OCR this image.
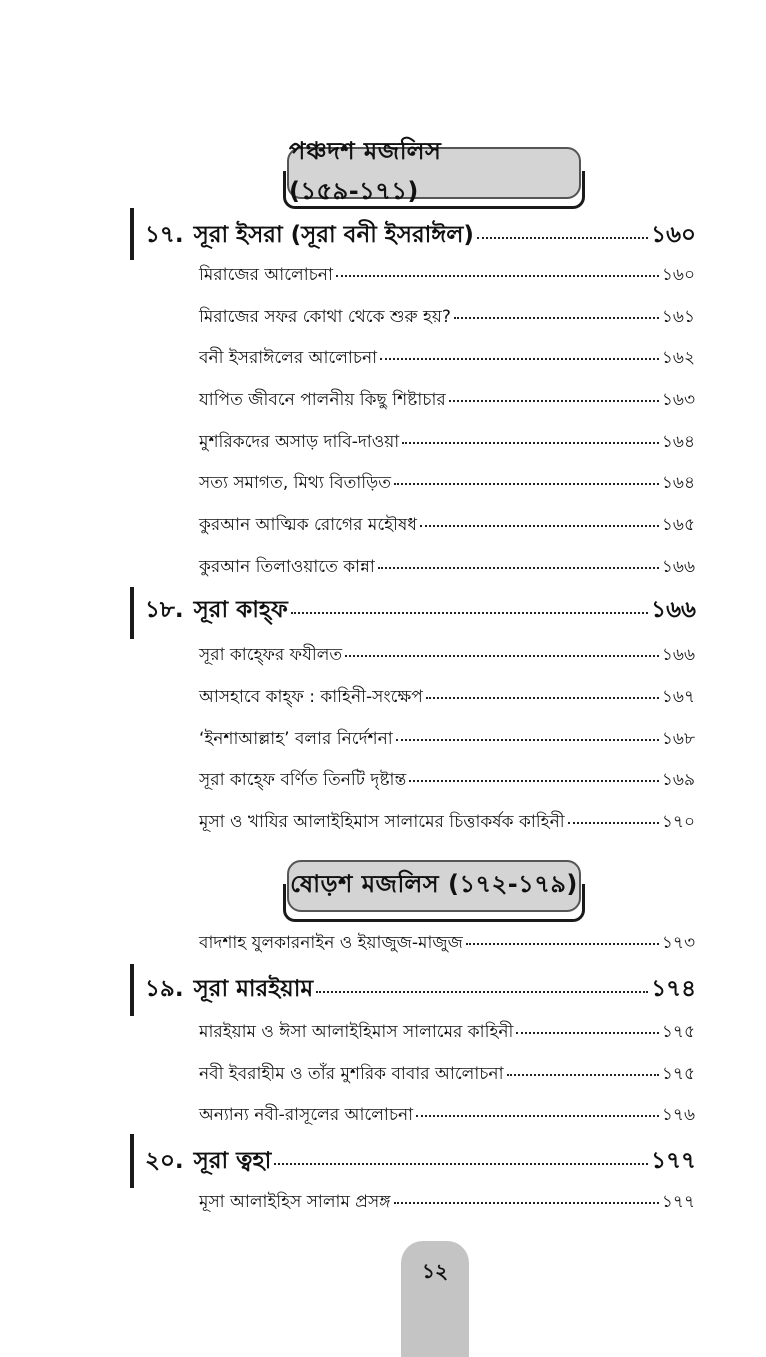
পঞ্চদশ মজলিস (১৫৯-১৭১)
১৭. সূরা ইসরা (সূরা বনী ইসরাঈল)	১৬০
মিরাজের আলোচনা	১৬০
মিরাজের সফর কোথা থেকে শুরু হয়?	১৬১
বনী ইসরাঈলের আলোচনা	১৬২
যাপিত জীবনে পালনীয় কিছু শিষ্টাচার	১৬৩
মুশরিকদের অসাড় দাবি-দাওয়া	১৬৪
সত্য সমাগত, মিথ্য বিতাড়িত	১৬৪
কুরআন আত্মিক রোগের মহৌষধ	১৬৫
কুরআন তিলাওয়াতে কান্না	১৬৬
১৮. সূরা কাহ্ফ	১৬৬
সূরা কাহ্ফের ফযীলত	১৬৬
আসহাবে কাহ্ফ : কাহিনী-সংক্ষেপ	১৬৭
‘ইনশাআল্লাহ’ বলার নির্দেশনা	১৬৮
সূরা কাহ্ফে বর্ণিত তিনটি দৃষ্টান্ত	১৬৯
মূসা ও খাযির আলাইহিমাস সালামের চিত্তাকর্ষক কাহিনী	১৭০
ষোড়শ মজলিস (১৭২-১৭৯)
বাদশাহ যুলকারনাইন ও ইয়াজুজ-মাজুজ	১৭৩
১৯. সূরা মারইয়াম	১৭৪
মারইয়াম ও ঈসা আলাইহিমাস সালামের কাহিনী	১৭৫
নবী ইবরাহীম ও তাঁর মুশরিক বাবার আলোচনা	১৭৫
অন্যান্য নবী-রাসূলের আলোচনা	১৭৬
২০. সূরা ত্বহা	১৭৭
মূসা আলাইহিস সালাম প্রসঙ্গ	১৭৭
১২
